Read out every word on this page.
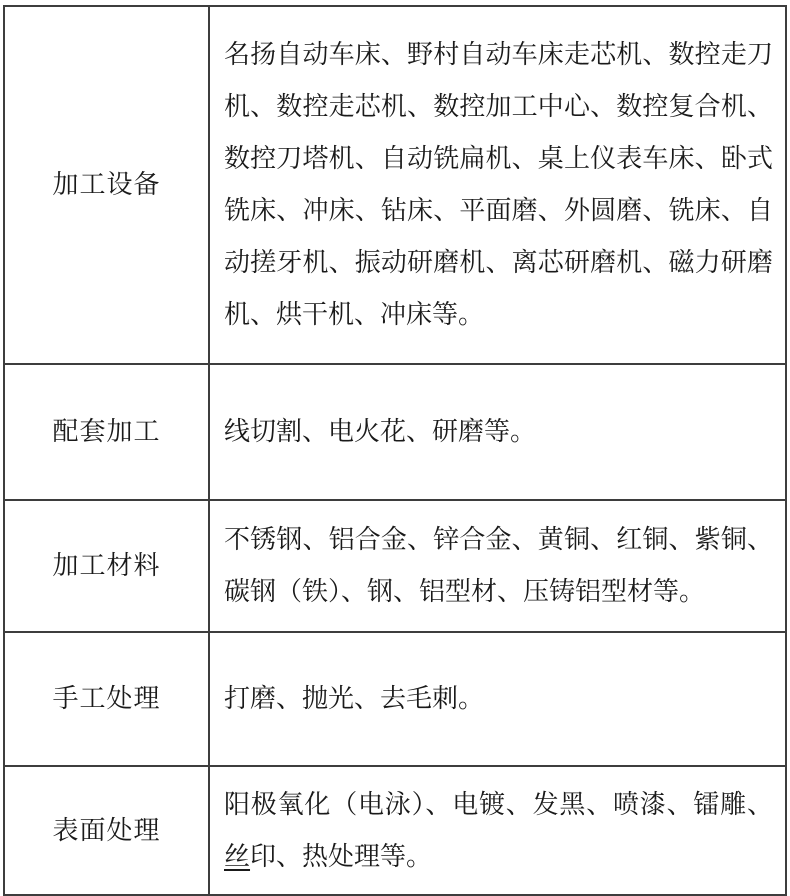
加工设备	名扬自动车床、野村自动车床走芯机、数控走刀机、数控走芯机、数控加工中心、数控复合机、数控刀塔机、自动铣扁机、桌上仪表车床、卧式铣床、冲床、钻床、平面磨、外圆磨、铣床、自动搓牙机、振动研磨机、离芯研磨机、磁力研磨机、烘干机、冲床等。
配套加工	线切割、电火花、研磨等。
加工材料	不锈钢、铝合金、锌合金、黄铜、红铜、紫铜、碳钢（铁）、钢、铝型材、压铸铝型材等。
手工处理	打磨、抛光、去毛刺。
表面处理	阳极氧化（电泳）、电镀、发黑、喷漆、镭雕、丝印、热处理等。
